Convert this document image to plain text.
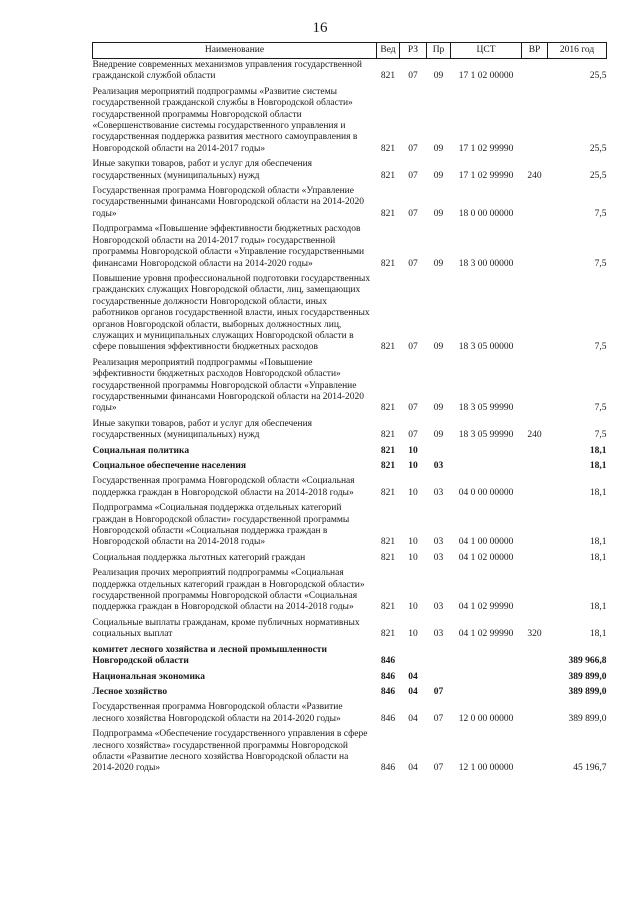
16
Наименование	Вед	РЗ	Пр	ЦСТ	ВР	2016 год
Внедрение современных механизмов управления государственной гражданской службой области	821	07	09	17 1 02 00000		25,5
Реализация мероприятий подпрограммы «Развитие системы государственной гражданской службы в Новгородской области» государственной программы Новгородской области «Совершенствование системы государственного управления и государственная поддержка развития местного самоуправления в Новгородской области на 2014-2017 годы»	821	07	09	17 1 02 99990		25,5
Иные закупки товаров, работ и услуг для обеспечения государственных (муниципальных) нужд	821	07	09	17 1 02 99990	240	25,5
Государственная программа Новгородской области «Управление государственными финансами Новгородской области на 2014-2020 годы»	821	07	09	18 0 00 00000		7,5
Подпрограмма «Повышение эффективности бюджетных расходов Новгородской области на 2014-2017 годы» государственной программы Новгородской области «Управление государственными финансами Новгородской области на 2014-2020 годы»	821	07	09	18 3 00 00000		7,5
Повышение уровня профессиональной подготовки государственных гражданских служащих Новгородской области, лиц, замещающих государственные должности Новгородской области, иных работников органов государственной власти, иных государственных органов Новгородской области, выборных должностных лиц, служащих и муниципальных служащих Новгородской области в сфере повышения эффективности бюджетных расходов	821	07	09	18 3 05 00000		7,5
Реализация мероприятий подпрограммы «Повышение эффективности бюджетных расходов Новгородской области» государственной программы Новгородской области «Управление государственными финансами Новгородской области на 2014-2020 годы»	821	07	09	18 3 05 99990		7,5
Иные закупки товаров, работ и услуг для обеспечения государственных (муниципальных) нужд	821	07	09	18 3 05 99990	240	7,5
Социальная политика	821	10				18,1
Социальное обеспечение населения	821	10	03			18,1
Государственная программа Новгородской области «Социальная поддержка граждан в Новгородской области на 2014-2018 годы»	821	10	03	04 0 00 00000		18,1
Подпрограмма «Социальная поддержка отдельных категорий граждан в Новгородской области» государственной программы Новгородской области «Социальная поддержка граждан в Новгородской области на 2014-2018 годы»	821	10	03	04 1 00 00000		18,1
Социальная поддержка льготных категорий граждан	821	10	03	04 1 02 00000		18,1
Реализация прочих мероприятий подпрограммы «Социальная поддержка отдельных категорий граждан в Новгородской области» государственной программы Новгородской области «Социальная поддержка граждан в Новгородской области на 2014-2018 годы»	821	10	03	04 1 02 99990		18,1
Социальные выплаты гражданам, кроме публичных нормативных социальных выплат	821	10	03	04 1 02 99990	320	18,1
комитет лесного хозяйства и лесной промышленности Новгородской области	846					389 966,8
Национальная экономика	846	04				389 899,0
Лесное хозяйство	846	04	07			389 899,0
Государственная программа Новгородской области «Развитие лесного хозяйства Новгородской области на 2014-2020 годы»	846	04	07	12 0 00 00000		389 899,0
Подпрограмма «Обеспечение государственного управления в сфере лесного хозяйства» государственной программы Новгородской области «Развитие лесного хозяйства Новгородской области на 2014-2020 годы»	846	04	07	12 1 00 00000		45 196,7
